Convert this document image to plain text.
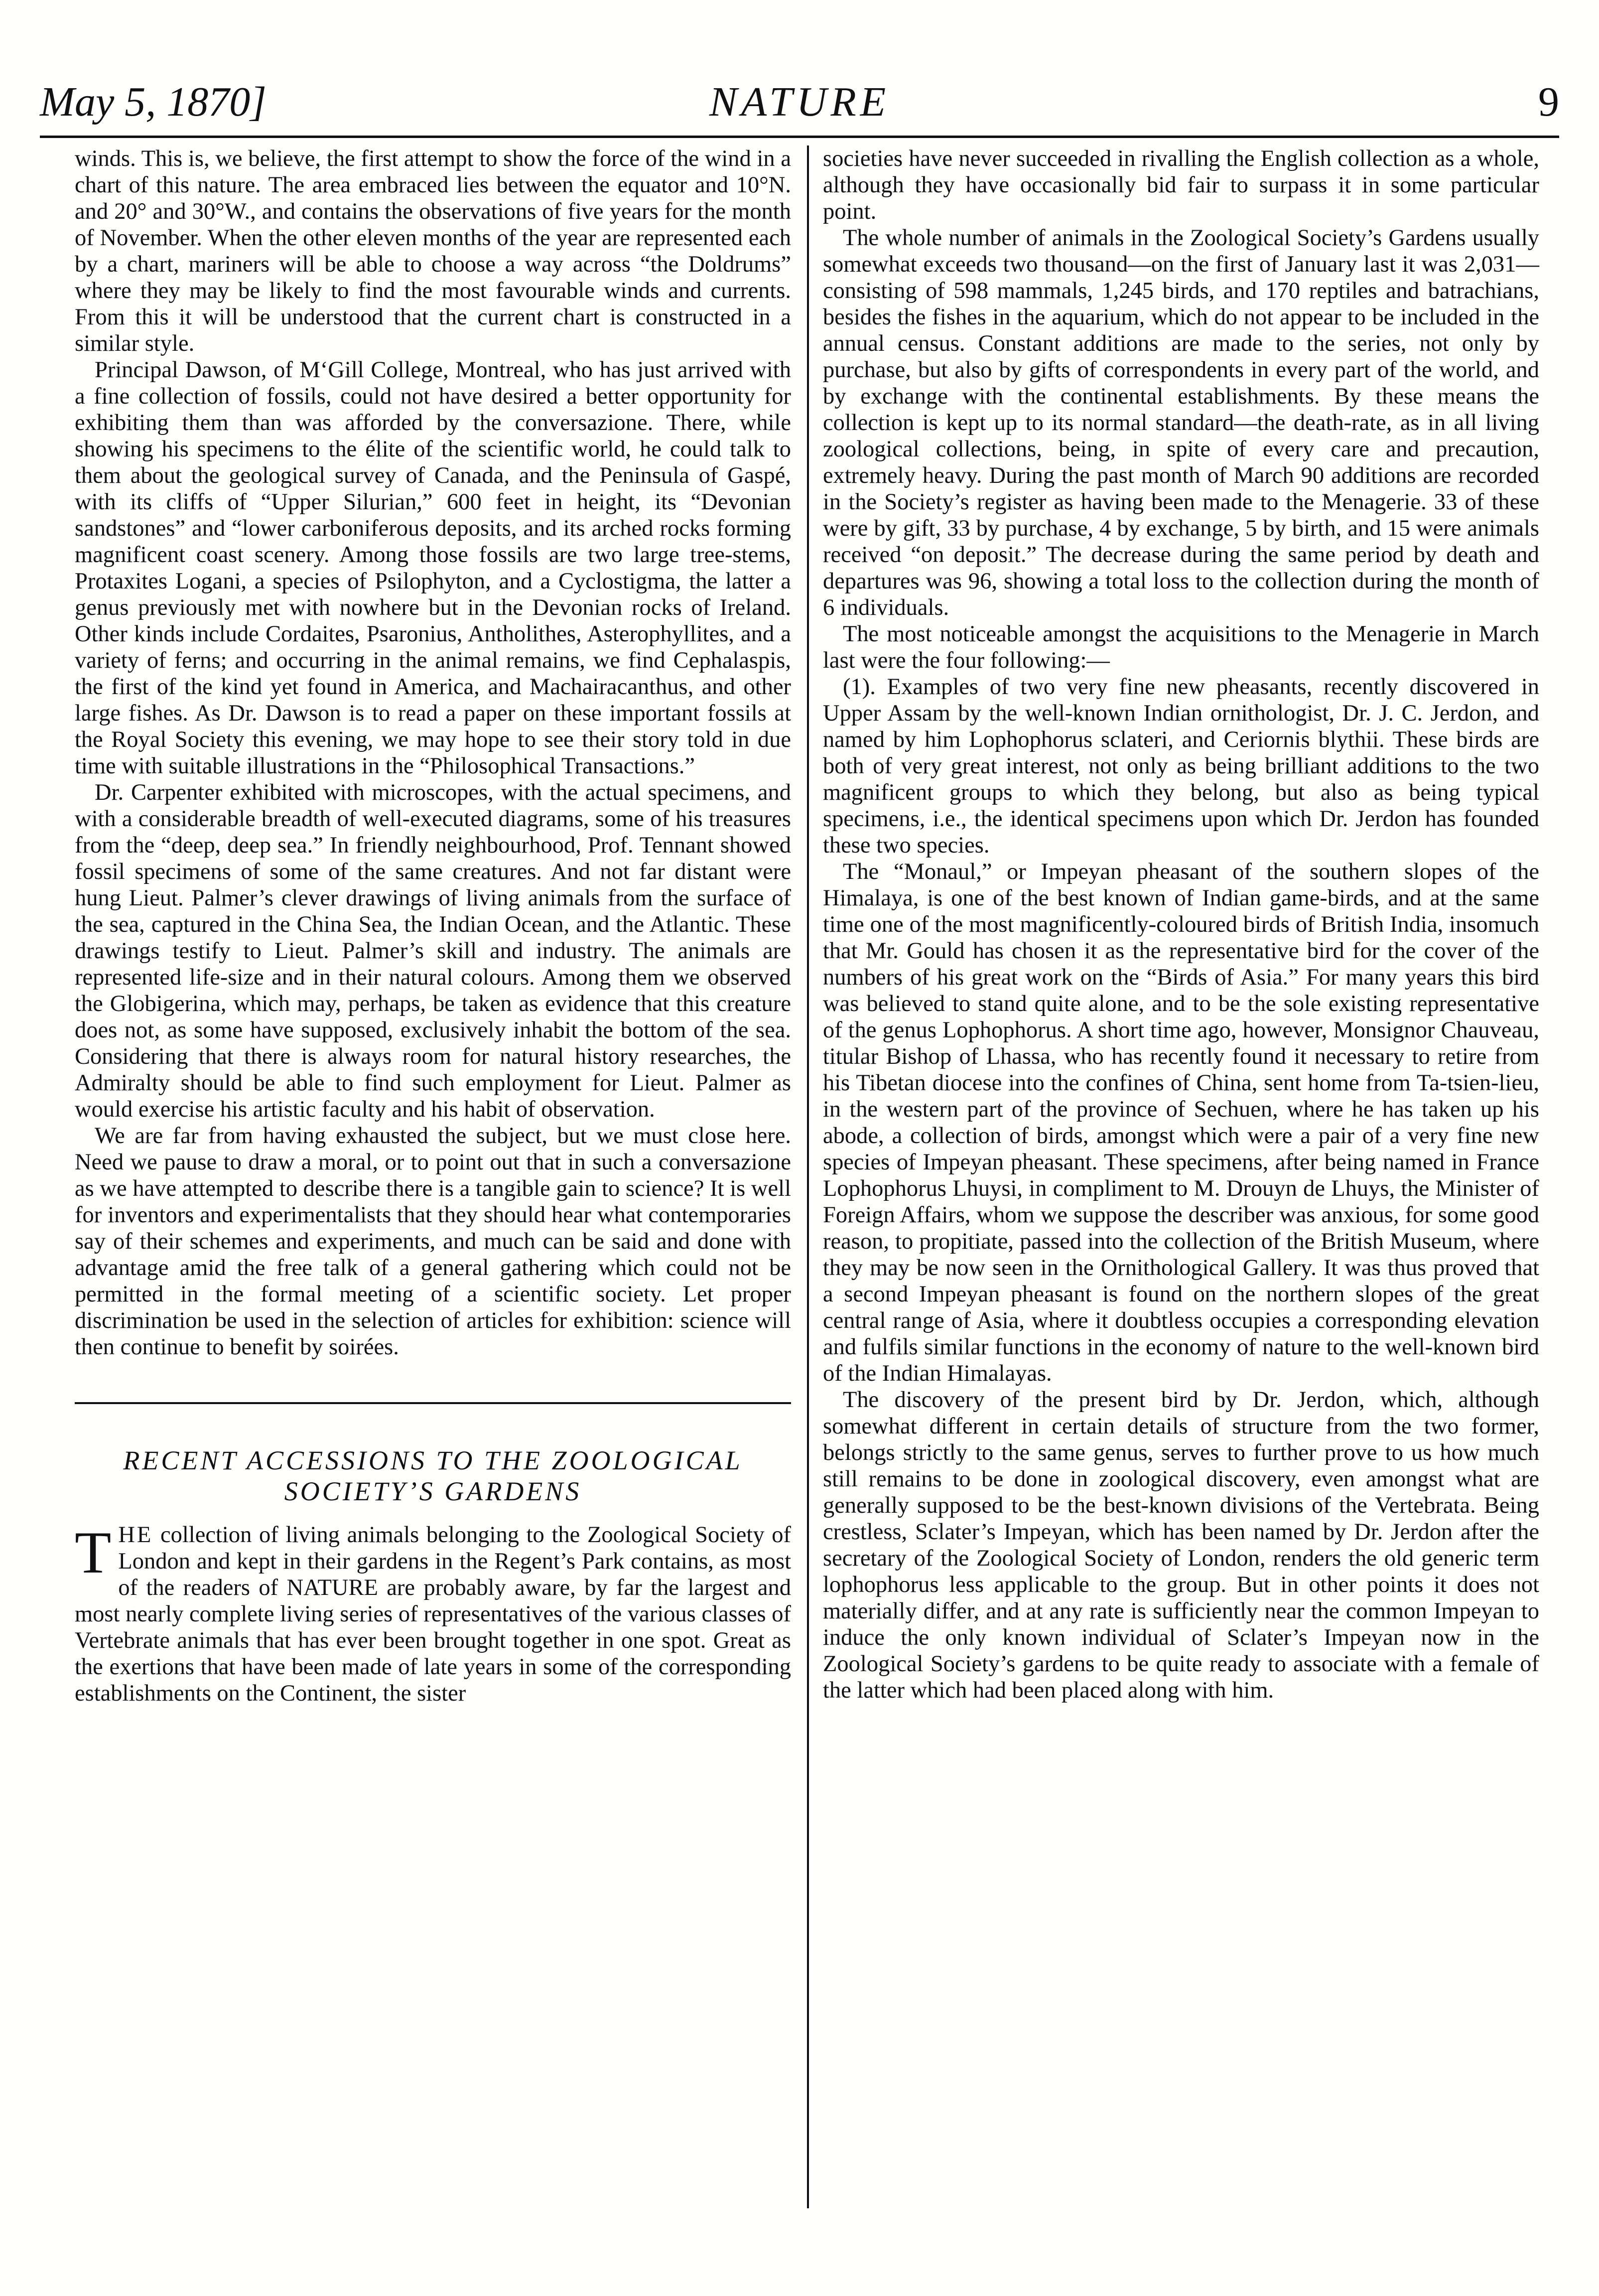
May 5, 1870]	NATURE	9

winds. This is, we believe, the first attempt to show the force of the wind in a chart of this nature. The area embraced lies between the equator and 10°N. and 20° and 30°W., and contains the observations of five years for the month of November. When the other eleven months of the year are represented each by a chart, mariners will be able to choose a way across “the Doldrums” where they may be likely to find the most favourable winds and currents. From this it will be understood that the current chart is constructed in a similar style.

Principal Dawson, of M‘Gill College, Montreal, who has just arrived with a fine collection of fossils, could not have desired a better opportunity for exhibiting them than was afforded by the conversazione. There, while showing his specimens to the élite of the scientific world, he could talk to them about the geological survey of Canada, and the Peninsula of Gaspé, with its cliffs of “Upper Silurian,” 600 feet in height, its “Devonian sandstones” and “lower carboniferous deposits, and its arched rocks forming magnificent coast scenery. Among those fossils are two large tree-stems, Protaxites Logani, a species of Psilophyton, and a Cyclostigma, the latter a genus previously met with nowhere but in the Devonian rocks of Ireland. Other kinds include Cordaites, Psaronius, Antholithes, Asterophyllites, and a variety of ferns; and occurring in the animal remains, we find Cephalaspis, the first of the kind yet found in America, and Machairacanthus, and other large fishes. As Dr. Dawson is to read a paper on these important fossils at the Royal Society this evening, we may hope to see their story told in due time with suitable illustrations in the “Philosophical Transactions.”

Dr. Carpenter exhibited with microscopes, with the actual specimens, and with a considerable breadth of well-executed diagrams, some of his treasures from the “deep, deep sea.” In friendly neighbourhood, Prof. Tennant showed fossil specimens of some of the same creatures. And not far distant were hung Lieut. Palmer’s clever drawings of living animals from the surface of the sea, captured in the China Sea, the Indian Ocean, and the Atlantic. These drawings testify to Lieut. Palmer’s skill and industry. The animals are represented life-size and in their natural colours. Among them we observed the Globigerina, which may, perhaps, be taken as evidence that this creature does not, as some have supposed, exclusively inhabit the bottom of the sea. Considering that there is always room for natural history researches, the Admiralty should be able to find such employment for Lieut. Palmer as would exercise his artistic faculty and his habit of observation.

We are far from having exhausted the subject, but we must close here. Need we pause to draw a moral, or to point out that in such a conversazione as we have attempted to describe there is a tangible gain to science? It is well for inventors and experimentalists that they should hear what contemporaries say of their schemes and experiments, and much can be said and done with advantage amid the free talk of a general gathering which could not be permitted in the formal meeting of a scientific society. Let proper discrimination be used in the selection of articles for exhibition: science will then continue to benefit by soirées.

RECENT ACCESSIONS TO THE ZOOLOGICAL
SOCIETY’S GARDENS

THE collection of living animals belonging to the Zoological Society of London and kept in their gardens in the Regent’s Park contains, as most of the readers of NATURE are probably aware, by far the largest and most nearly complete living series of representatives of the various classes of Vertebrate animals that has ever been brought together in one spot. Great as the exertions that have been made of late years in some of the corresponding establishments on the Continent, the sister

societies have never succeeded in rivalling the English collection as a whole, although they have occasionally bid fair to surpass it in some particular point.

The whole number of animals in the Zoological Society’s Gardens usually somewhat exceeds two thousand—on the first of January last it was 2,031—consisting of 598 mammals, 1,245 birds, and 170 reptiles and batrachians, besides the fishes in the aquarium, which do not appear to be included in the annual census. Constant additions are made to the series, not only by purchase, but also by gifts of correspondents in every part of the world, and by exchange with the continental establishments. By these means the collection is kept up to its normal standard—the death-rate, as in all living zoological collections, being, in spite of every care and precaution, extremely heavy. During the past month of March 90 additions are recorded in the Society’s register as having been made to the Menagerie. 33 of these were by gift, 33 by purchase, 4 by exchange, 5 by birth, and 15 were animals received “on deposit.” The decrease during the same period by death and departures was 96, showing a total loss to the collection during the month of 6 individuals.

The most noticeable amongst the acquisitions to the Menagerie in March last were the four following:—

(1). Examples of two very fine new pheasants, recently discovered in Upper Assam by the well-known Indian ornithologist, Dr. J. C. Jerdon, and named by him Lophophorus sclateri, and Ceriornis blythii. These birds are both of very great interest, not only as being brilliant additions to the two magnificent groups to which they belong, but also as being typical specimens, i.e., the identical specimens upon which Dr. Jerdon has founded these two species.

The “Monaul,” or Impeyan pheasant of the southern slopes of the Himalaya, is one of the best known of Indian game-birds, and at the same time one of the most magnificently-coloured birds of British India, insomuch that Mr. Gould has chosen it as the representative bird for the cover of the numbers of his great work on the “Birds of Asia.” For many years this bird was believed to stand quite alone, and to be the sole existing representative of the genus Lophophorus. A short time ago, however, Monsignor Chauveau, titular Bishop of Lhassa, who has recently found it necessary to retire from his Tibetan diocese into the confines of China, sent home from Ta-tsien-lieu, in the western part of the province of Sechuen, where he has taken up his abode, a collection of birds, amongst which were a pair of a very fine new species of Impeyan pheasant. These specimens, after being named in France Lophophorus Lhuysi, in compliment to M. Drouyn de Lhuys, the Minister of Foreign Affairs, whom we suppose the describer was anxious, for some good reason, to propitiate, passed into the collection of the British Museum, where they may be now seen in the Ornithological Gallery. It was thus proved that a second Impeyan pheasant is found on the northern slopes of the great central range of Asia, where it doubtless occupies a corresponding elevation and fulfils similar functions in the economy of nature to the well-known bird of the Indian Himalayas.

The discovery of the present bird by Dr. Jerdon, which, although somewhat different in certain details of structure from the two former, belongs strictly to the same genus, serves to further prove to us how much still remains to be done in zoological discovery, even amongst what are generally supposed to be the best-known divisions of the Vertebrata. Being crestless, Sclater’s Impeyan, which has been named by Dr. Jerdon after the secretary of the Zoological Society of London, renders the old generic term lophophorus less applicable to the group. But in other points it does not materially differ, and at any rate is sufficiently near the common Impeyan to induce the only known individual of Sclater’s Impeyan now in the Zoological Society’s gardens to be quite ready to associate with a female of the latter which had been placed along with him.
